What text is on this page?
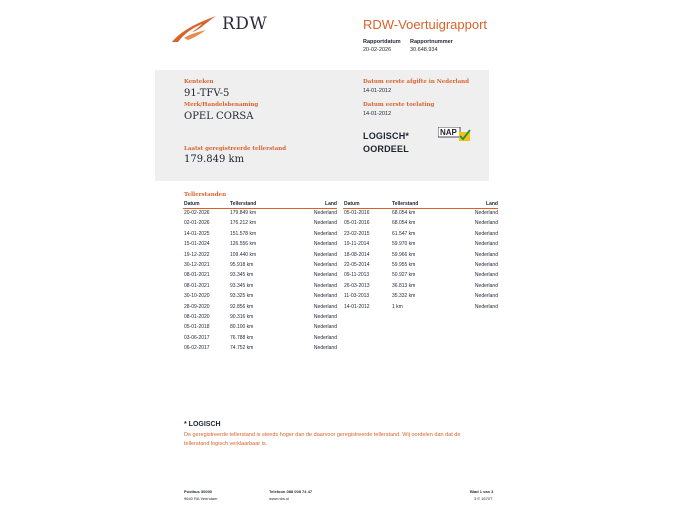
RDW	RDW-Voertuigrapport
Rapportdatum
20-02-2026
Rapportnummer
30.648.934
Kenteken
91-TFV-5
Merk/Handelsbenaming
OPEL CORSA
Laatst geregistreerde tellerstand
179.849 km
Datum eerste afgifte in Nederland
14-01-2012
Datum eerste toelating
14-01-2012
LOGISCH*
OORDEEL
NAP
Tellerstanden
Datum	Tellerstand	Land
20-02-2026	179.849 km	Nederland
02-01-2026	176.212 km	Nederland
14-01-2025	151.578 km	Nederland
15-01-2024	126.556 km	Nederland
19-12-2022	109.440 km	Nederland
30-12-2021	95.918 km	Nederland
08-01-2021	93.345 km	Nederland
08-01-2021	93.345 km	Nederland
30-10-2020	93.325 km	Nederland
28-09-2020	92.856 km	Nederland
08-01-2020	90.316 km	Nederland
05-01-2018	80.100 km	Nederland
03-06-2017	76.788 km	Nederland
06-02-2017	74.752 km	Nederland
Datum	Tellerstand	Land
05-01-2016	68.054 km	Nederland
05-01-2016	68.054 km	Nederland
23-02-2015	61.547 km	Nederland
19-11-2014	59.970 km	Nederland
18-08-2014	59.966 km	Nederland
22-05-2014	59.955 km	Nederland
09-11-2013	50.927 km	Nederland
26-03-2013	36.813 km	Nederland
11-03-2013	35.332 km	Nederland
14-01-2012	1 km	Nederland
* LOGISCH
De geregistreerde tellerstand is steeds hoger dan de daarvoor geregistreerde tellerstand. Wij oordelen dan dat de
tellerstand logisch verklaarbaar is.
Postbus 30000
9640 RA Veendam
Telefoon 088 008 74 47
www.rdw.nl
Blad 1 van 3
3 E 1670T
